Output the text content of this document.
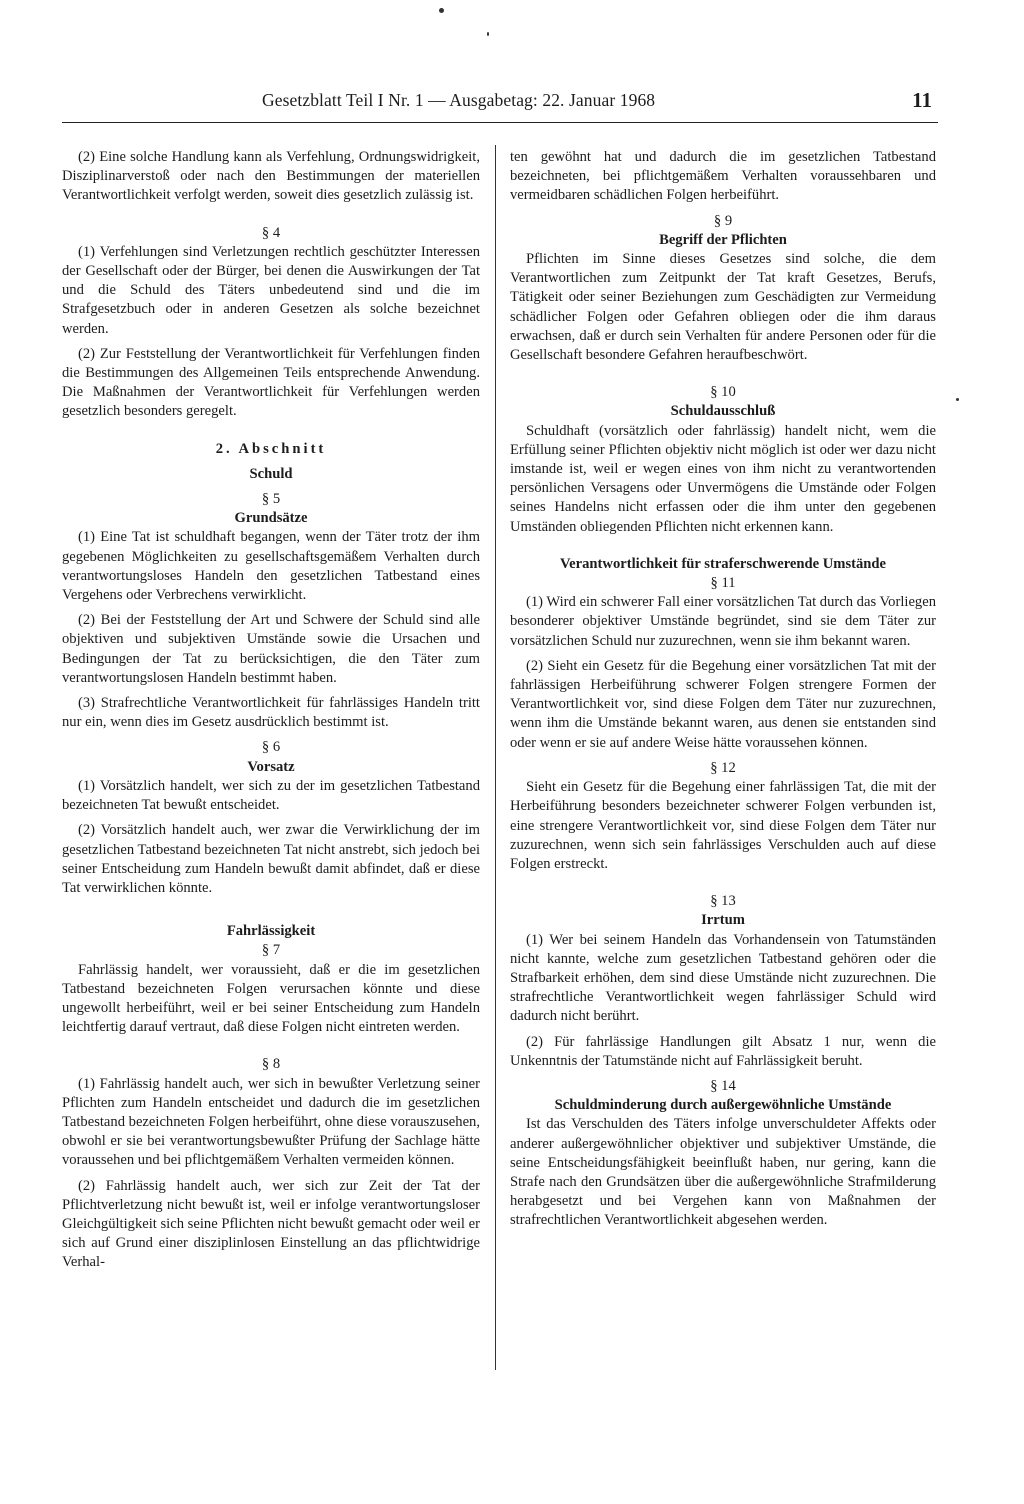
Gesetzblatt Teil I Nr. 1 — Ausgabetag: 22. Januar 1968	11

(2) Eine solche Handlung kann als Verfehlung, Ordnungswidrigkeit, Disziplinarverstoß oder nach den Bestimmungen der materiellen Verantwortlichkeit verfolgt werden, soweit dies gesetzlich zulässig ist.

§ 4

(1) Verfehlungen sind Verletzungen rechtlich geschützter Interessen der Gesellschaft oder der Bürger, bei denen die Auswirkungen der Tat und die Schuld des Täters unbedeutend sind und die im Strafgesetzbuch oder in anderen Gesetzen als solche bezeichnet werden.

(2) Zur Feststellung der Verantwortlichkeit für Verfehlungen finden die Bestimmungen des Allgemeinen Teils entsprechende Anwendung. Die Maßnahmen der Verantwortlichkeit für Verfehlungen werden gesetzlich besonders geregelt.

2. Abschnitt

Schuld

§ 5

Grundsätze

(1) Eine Tat ist schuldhaft begangen, wenn der Täter trotz der ihm gegebenen Möglichkeiten zu gesellschaftsgemäßem Verhalten durch verantwortungsloses Handeln den gesetzlichen Tatbestand eines Vergehens oder Verbrechens verwirklicht.

(2) Bei der Feststellung der Art und Schwere der Schuld sind alle objektiven und subjektiven Umstände sowie die Ursachen und Bedingungen der Tat zu berücksichtigen, die den Täter zum verantwortungslosen Handeln bestimmt haben.

(3) Strafrechtliche Verantwortlichkeit für fahrlässiges Handeln tritt nur ein, wenn dies im Gesetz ausdrücklich bestimmt ist.

§ 6

Vorsatz

(1) Vorsätzlich handelt, wer sich zu der im gesetzlichen Tatbestand bezeichneten Tat bewußt entscheidet.

(2) Vorsätzlich handelt auch, wer zwar die Verwirklichung der im gesetzlichen Tatbestand bezeichneten Tat nicht anstrebt, sich jedoch bei seiner Entscheidung zum Handeln bewußt damit abfindet, daß er diese Tat verwirklichen könnte.

Fahrlässigkeit

§ 7

Fahrlässig handelt, wer voraussieht, daß er die im gesetzlichen Tatbestand bezeichneten Folgen verursachen könnte und diese ungewollt herbeiführt, weil er bei seiner Entscheidung zum Handeln leichtfertig darauf vertraut, daß diese Folgen nicht eintreten werden.

§ 8

(1) Fahrlässig handelt auch, wer sich in bewußter Verletzung seiner Pflichten zum Handeln entscheidet und dadurch die im gesetzlichen Tatbestand bezeichneten Folgen herbeiführt, ohne diese vorauszusehen, obwohl er sie bei verantwortungsbewußter Prüfung der Sachlage hätte voraussehen und bei pflichtgemäßem Verhalten vermeiden können.

(2) Fahrlässig handelt auch, wer sich zur Zeit der Tat der Pflichtverletzung nicht bewußt ist, weil er infolge verantwortungsloser Gleichgültigkeit sich seine Pflichten nicht bewußt gemacht oder weil er sich auf Grund einer disziplinlosen Einstellung an das pflichtwidrige Verhal-

ten gewöhnt hat und dadurch die im gesetzlichen Tatbestand bezeichneten, bei pflichtgemäßem Verhalten voraussehbaren und vermeidbaren schädlichen Folgen herbeiführt.

§ 9

Begriff der Pflichten

Pflichten im Sinne dieses Gesetzes sind solche, die dem Verantwortlichen zum Zeitpunkt der Tat kraft Gesetzes, Berufs, Tätigkeit oder seiner Beziehungen zum Geschädigten zur Vermeidung schädlicher Folgen oder Gefahren obliegen oder die ihm daraus erwachsen, daß er durch sein Verhalten für andere Personen oder für die Gesellschaft besondere Gefahren heraufbeschwört.

§ 10

Schuldausschluß

Schuldhaft (vorsätzlich oder fahrlässig) handelt nicht, wem die Erfüllung seiner Pflichten objektiv nicht möglich ist oder wer dazu nicht imstande ist, weil er wegen eines von ihm nicht zu verantwortenden persönlichen Versagens oder Unvermögens die Umstände oder Folgen seines Handelns nicht erfassen oder die ihm unter den gegebenen Umständen obliegenden Pflichten nicht erkennen kann.

Verantwortlichkeit für straferschwerende Umstände

§ 11

(1) Wird ein schwerer Fall einer vorsätzlichen Tat durch das Vorliegen besonderer objektiver Umstände begründet, sind sie dem Täter zur vorsätzlichen Schuld nur zuzurechnen, wenn sie ihm bekannt waren.

(2) Sieht ein Gesetz für die Begehung einer vorsätzlichen Tat mit der fahrlässigen Herbeiführung schwerer Folgen strengere Formen der Verantwortlichkeit vor, sind diese Folgen dem Täter nur zuzurechnen, wenn ihm die Umstände bekannt waren, aus denen sie entstanden sind oder wenn er sie auf andere Weise hätte voraussehen können.

§ 12

Sieht ein Gesetz für die Begehung einer fahrlässigen Tat, die mit der Herbeiführung besonders bezeichneter schwerer Folgen verbunden ist, eine strengere Verantwortlichkeit vor, sind diese Folgen dem Täter nur zuzurechnen, wenn sich sein fahrlässiges Verschulden auch auf diese Folgen erstreckt.

§ 13

Irrtum

(1) Wer bei seinem Handeln das Vorhandensein von Tatumständen nicht kannte, welche zum gesetzlichen Tatbestand gehören oder die Strafbarkeit erhöhen, dem sind diese Umstände nicht zuzurechnen. Die strafrechtliche Verantwortlichkeit wegen fahrlässiger Schuld wird dadurch nicht berührt.

(2) Für fahrlässige Handlungen gilt Absatz 1 nur, wenn die Unkenntnis der Tatumstände nicht auf Fahrlässigkeit beruht.

§ 14

Schuldminderung durch außergewöhnliche Umstände

Ist das Verschulden des Täters infolge unverschuldeter Affekts oder anderer außergewöhnlicher objektiver und subjektiver Umstände, die seine Entscheidungsfähigkeit beeinflußt haben, nur gering, kann die Strafe nach den Grundsätzen über die außergewöhnliche Strafmilderung herabgesetzt und bei Vergehen kann von Maßnahmen der strafrechtlichen Verantwortlichkeit abgesehen werden.
